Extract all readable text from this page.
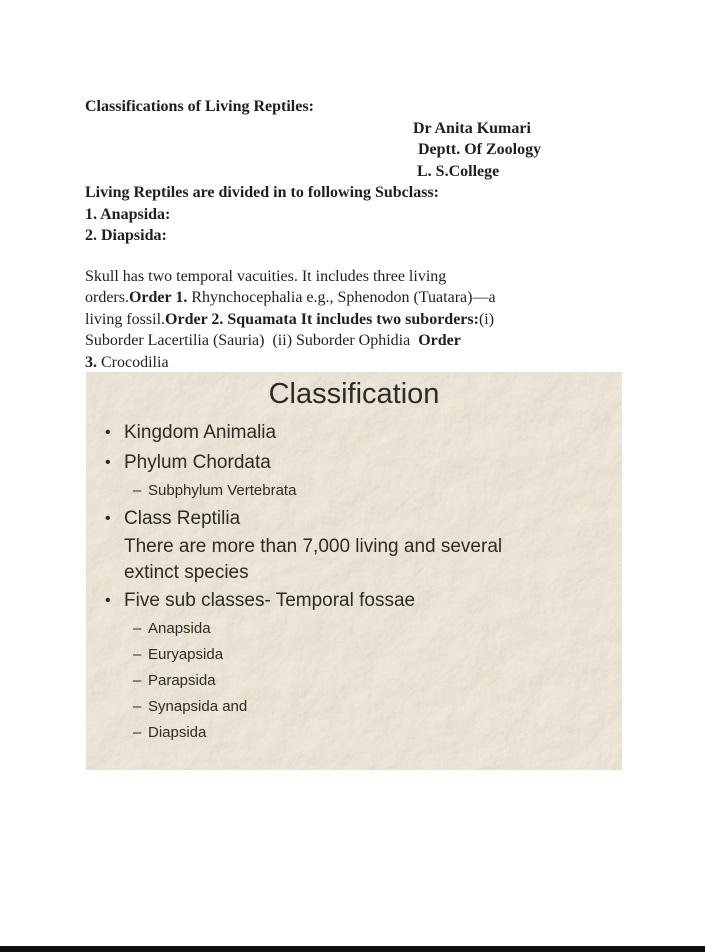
Classifications of Living Reptiles:
Dr Anita Kumari
Deptt. Of Zoology
L. S.College
Living Reptiles are divided in to following Subclass:
1. Anapsida:
2. Diapsida:
Skull has two temporal vacuities. It includes three living
orders.Order 1. Rhynchocephalia e.g., Sphenodon (Tuatara)—a
living fossil.Order 2. Squamata It includes two suborders:(i)
Suborder Lacertilia (Sauria)  (ii) Suborder Ophidia  Order
3. Crocodilia
Classification
• Kingdom Animalia
• Phylum Chordata
– Subphylum Vertebrata
• Class Reptilia
There are more than 7,000 living and several extinct species
• Five sub classes- Temporal fossae
– Anapsida
– Euryapsida
– Parapsida
– Synapsida and
– Diapsida
